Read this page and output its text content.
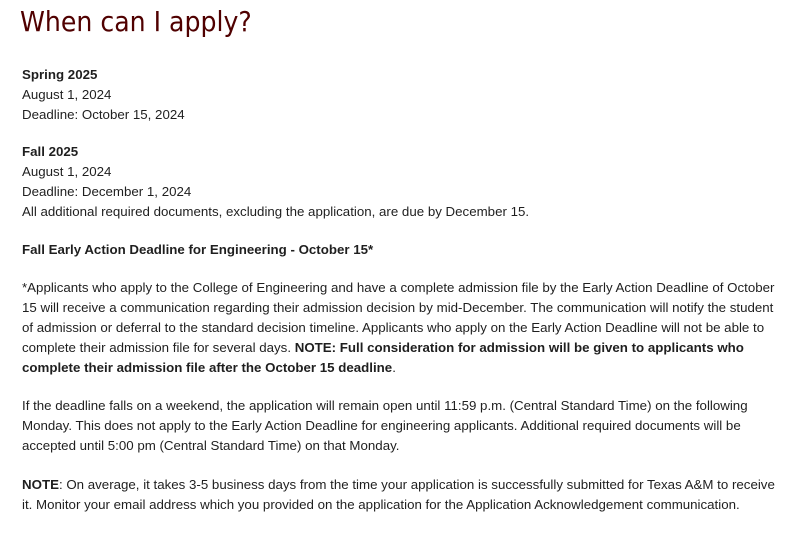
When can I apply?

Spring 2025
August 1, 2024
Deadline: October 15, 2024

Fall 2025
August 1, 2024
Deadline: December 1, 2024
All additional required documents, excluding the application, are due by December 15.

Fall Early Action Deadline for Engineering - October 15*

*Applicants who apply to the College of Engineering and have a complete admission file by the Early Action Deadline of October 15 will receive a communication regarding their admission decision by mid-December. The communication will notify the student of admission or deferral to the standard decision timeline. Applicants who apply on the Early Action Deadline will not be able to complete their admission file for several days. NOTE: Full consideration for admission will be given to applicants who complete their admission file after the October 15 deadline.

If the deadline falls on a weekend, the application will remain open until 11:59 p.m. (Central Standard Time) on the following Monday. This does not apply to the Early Action Deadline for engineering applicants. Additional required documents will be accepted until 5:00 pm (Central Standard Time) on that Monday.

NOTE: On average, it takes 3-5 business days from the time your application is successfully submitted for Texas A&M to receive it. Monitor your email address which you provided on the application for the Application Acknowledgement communication.
